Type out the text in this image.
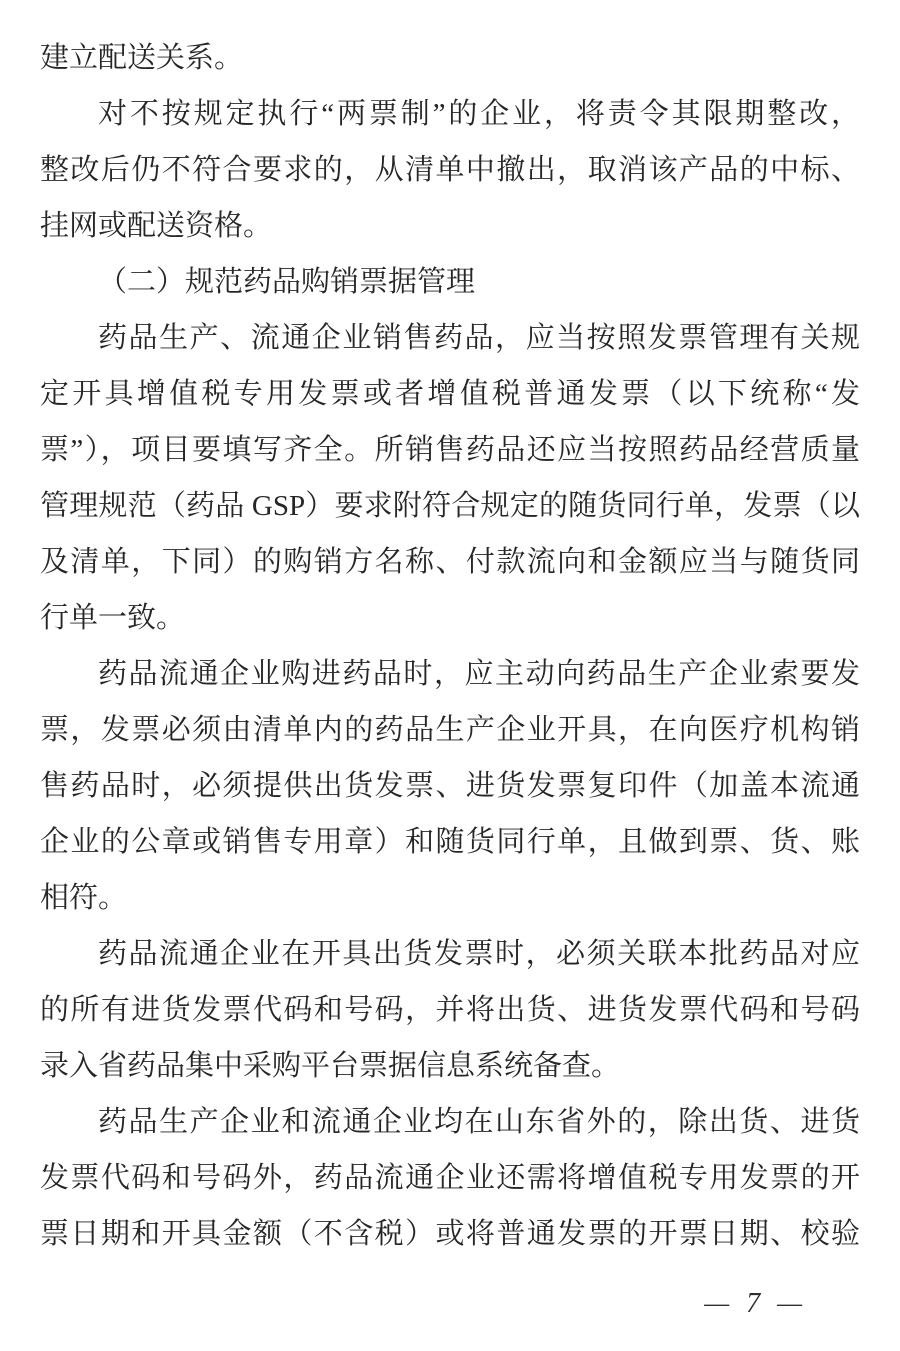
建立配送关系。
对不按规定执行“两票制”的企业，将责令其限期整改，
整改后仍不符合要求的，从清单中撤出，取消该产品的中标、
挂网或配送资格。
（二）规范药品购销票据管理
药品生产、流通企业销售药品，应当按照发票管理有关规
定开具增值税专用发票或者增值税普通发票（以下统称“发
票”），项目要填写齐全。所销售药品还应当按照药品经营质量
管理规范（药品 GSP）要求附符合规定的随货同行单，发票（以
及清单，下同）的购销方名称、付款流向和金额应当与随货同
行单一致。
药品流通企业购进药品时，应主动向药品生产企业索要发
票，发票必须由清单内的药品生产企业开具，在向医疗机构销
售药品时，必须提供出货发票、进货发票复印件（加盖本流通
企业的公章或销售专用章）和随货同行单，且做到票、货、账
相符。
药品流通企业在开具出货发票时，必须关联本批药品对应
的所有进货发票代码和号码，并将出货、进货发票代码和号码
录入省药品集中采购平台票据信息系统备查。
药品生产企业和流通企业均在山东省外的，除出货、进货
发票代码和号码外，药品流通企业还需将增值税专用发票的开
票日期和开具金额（不含税）或将普通发票的开票日期、校验
— 7 —
